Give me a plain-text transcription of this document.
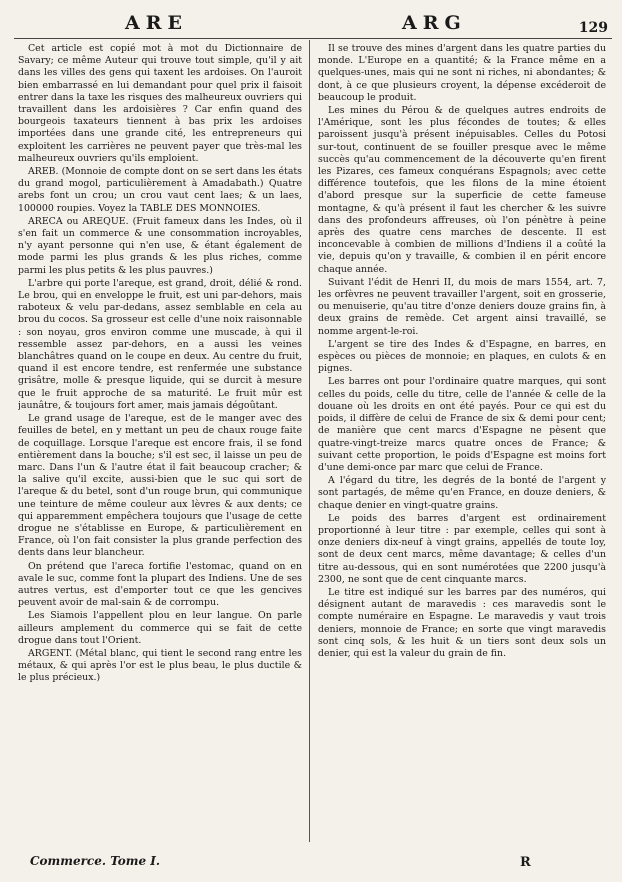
ARE	ARG	129

Cet article est copié mot à mot du Dictionnaire de Savary; ce même Auteur qui trouve tout simple, qu'il y ait dans les villes des gens qui taxent les ardoises. On l'auroit bien embarrassé en lui demandant pour quel prix il faisoit entrer dans la taxe les risques des malheureux ouvriers qui travaillent dans les ardoisières ? Car enfin quand des bourgeois taxateurs tiennent à bas prix les ardoises importées dans une grande cité, les entrepreneurs qui exploitent les carrières ne peuvent payer que très-mal les malheureux ouvriers qu'ils emploient.

AREB. (Monnoie de compte dont on se sert dans les états du grand mogol, particulièrement à Amadabath.) Quatre arebs font un crou; un crou vaut cent laes; & un laes, 100000 roupies. Voyez la TABLE DES MONNOIES.

ARECA ou AREQUE. (Fruit fameux dans les Indes, où il s'en fait un commerce & une consommation incroyables, n'y ayant personne qui n'en use, & étant également de mode parmi les plus grands & les plus riches, comme parmi les plus petits & les plus pauvres.)

L'arbre qui porte l'areque, est grand, droit, délié & rond. Le brou, qui en enveloppe le fruit, est uni par-dehors, mais raboteux & velu par-dedans, assez semblable en cela au brou du cocos. Sa grosseur est celle d'une noix raisonnable : son noyau, gros environ comme une muscade, à qui il ressemble assez par-dehors, en a aussi les veines blanchâtres quand on le coupe en deux. Au centre du fruit, quand il est encore tendre, est renfermée une substance grisâtre, molle & presque liquide, qui se durcit à mesure que le fruit approche de sa maturité. Le fruit mûr est jaunâtre, & toujours fort amer, mais jamais dégoûtant.

Le grand usage de l'areque, est de le manger avec des feuilles de betel, en y mettant un peu de chaux rouge faite de coquillage. Lorsque l'areque est encore frais, il se fond entièrement dans la bouche; s'il est sec, il laisse un peu de marc. Dans l'un & l'autre état il fait beaucoup cracher; & la salive qu'il excite, aussi-bien que le suc qui sort de l'areque & du betel, sont d'un rouge brun, qui communique une teinture de même couleur aux lèvres & aux dents; ce qui apparemment empêchera toujours que l'usage de cette drogue ne s'établisse en Europe, & particulièrement en France, où l'on fait consister la plus grande perfection des dents dans leur blancheur.

On prétend que l'areca fortifie l'estomac, quand on en avale le suc, comme font la plupart des Indiens. Une de ses autres vertus, est d'emporter tout ce que les gencives peuvent avoir de mal-sain & de corrompu.

Les Siamois l'appellent plou en leur langue. On parle ailleurs amplement du commerce qui se fait de cette drogue dans tout l'Orient.

ARGENT. (Métal blanc, qui tient le second rang entre les métaux, & qui après l'or est le plus beau, le plus ductile & le plus précieux.)

Il se trouve des mines d'argent dans les quatre parties du monde. L'Europe en a quantité; & la France même en a quelques-unes, mais qui ne sont ni riches, ni abondantes; & dont, à ce que plusieurs croyent, la dépense excéderoit de beaucoup le produit.

Les mines du Pérou & de quelques autres endroits de l'Amérique, sont les plus fécondes de toutes; & elles paroissent jusqu'à présent inépuisables. Celles du Potosi sur-tout, continuent de se fouiller presque avec le même succès qu'au commencement de la découverte qu'en firent les Pizares, ces fameux conquérans Espagnols; avec cette différence toutefois, que les filons de la mine étoient d'abord presque sur la superficie de cette fameuse montagne, & qu'à présent il faut les chercher & les suivre dans des profondeurs affreuses, où l'on pénètre à peine après des quatre cens marches de descente. Il est inconcevable à combien de millions d'Indiens il a coûté la vie, depuis qu'on y travaille, & combien il en périt encore chaque année.

Suivant l'édit de Henri II, du mois de mars 1554, art. 7, les orfèvres ne peuvent travailler l'argent, soit en grosserie, ou menuiserie, qu'au titre d'onze deniers douze grains fin, à deux grains de remède. Cet argent ainsi travaillé, se nomme argent-le-roi.

L'argent se tire des Indes & d'Espagne, en barres, en espèces ou pièces de monnoie; en plaques, en culots & en pignes.

Les barres ont pour l'ordinaire quatre marques, qui sont celles du poids, celle du titre, celle de l'année & celle de la douane où les droits en ont été payés. Pour ce qui est du poids, il diffère de celui de France de six & demi pour cent; de manière que cent marcs d'Espagne ne pèsent que quatre-vingt-treize marcs quatre onces de France; & suivant cette proportion, le poids d'Espagne est moins fort d'une demi-once par marc que celui de France.

A l'égard du titre, les degrés de la bonté de l'argent y sont partagés, de même qu'en France, en douze deniers, & chaque denier en vingt-quatre grains.

Le poids des barres d'argent est ordinairement proportionné à leur titre : par exemple, celles qui sont à onze deniers dix-neuf à vingt grains, appellés de toute loy, sont de deux cent marcs, même davantage; & celles d'un titre au-dessous, qui en sont numérotées que 2200 jusqu'à 2300, ne sont que de cent cinquante marcs.

Le titre est indiqué sur les barres par des numéros, qui désignent autant de maravedis : ces maravedis sont le compte numéraire en Espagne. Le maravedis y vaut trois deniers, monnoie de France; en sorte que vingt maravedis sont cinq sols, & les huit & un tiers sont deux sols un denier, qui est la valeur du grain de fin.

Commerce. Tome I.	R
